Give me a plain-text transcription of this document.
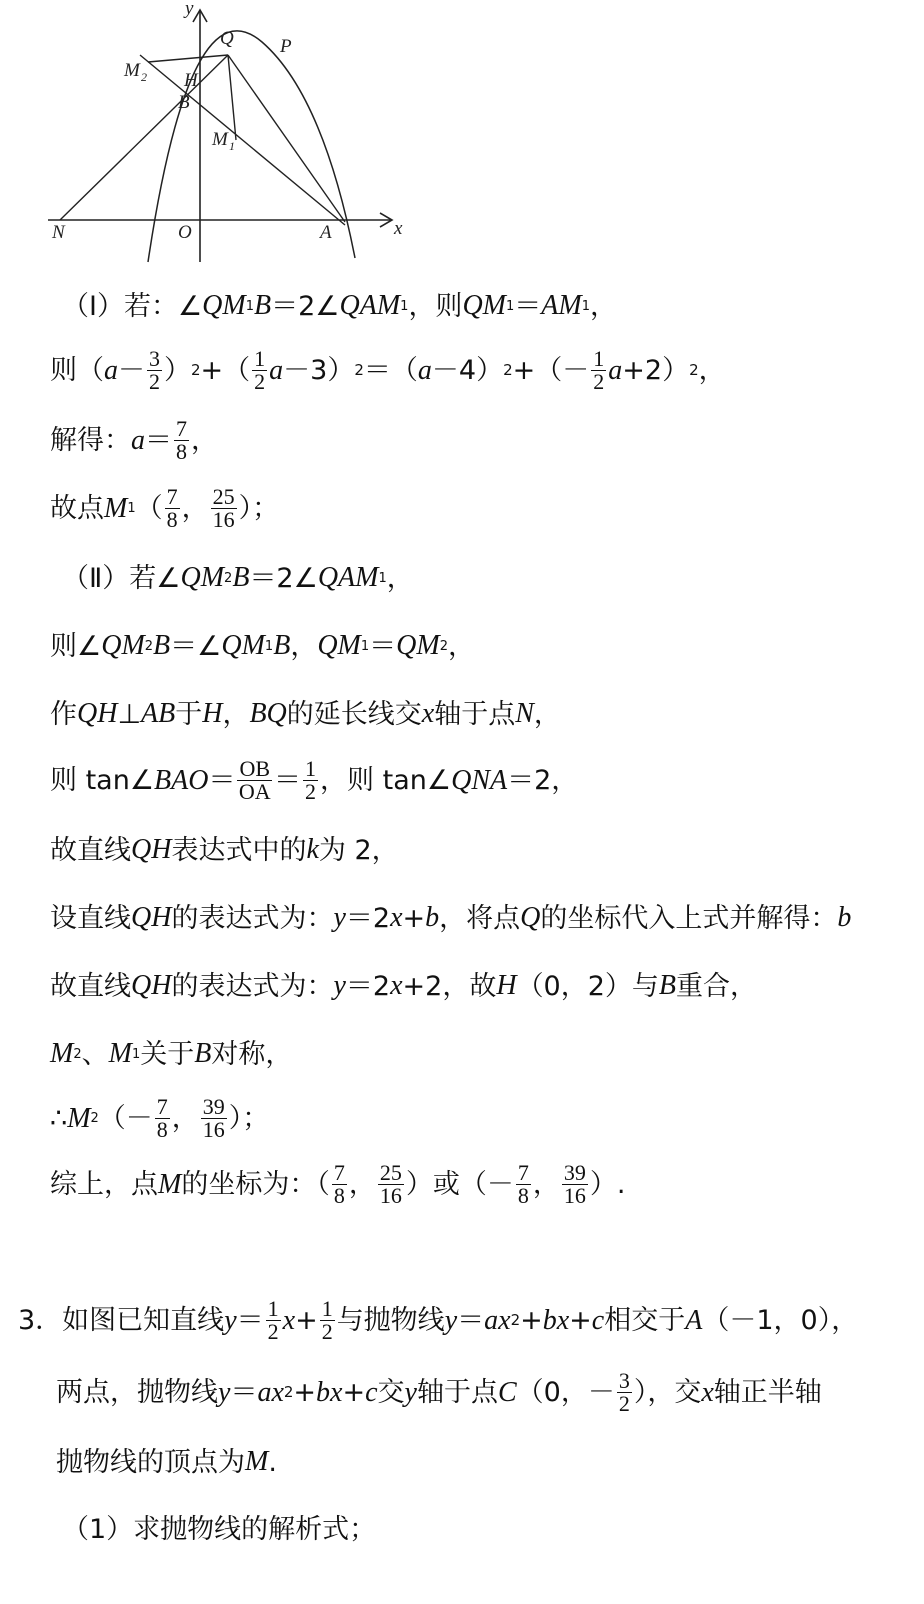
y
x
Q P
M 2 H
B
M 1
N	O	A
（Ⅰ）若：∠ QM 1 B ＝2∠ QAM 1 ，则 QM 1 ＝ AM 1 ，
则（ $a - \frac{3}{2}$ ） 2 +（ $\frac{1}{2}$ a －3） 2 ＝（ a －4） 2 +（－ $\frac{1}{2}$ a +2） 2 ，
解得： $a = \frac{7}{8}$ ，
故点 M 1 （ $\frac{7}{8}$ ， $\frac{25}{16}$ ）；
（Ⅱ）若∠ QM 2 B ＝2∠ QAM 1 ，
则∠ QM 2 B ＝∠ QM 1 B ， QM 1 ＝ QM 2 ，
作 QH ⊥ AB 于 H ， BQ 的延长线交 x 轴于点 N ，
则 tan∠ BAO ＝ $\frac{OB}{OA} = \frac{1}{2}$ ，则 tan∠ QNA ＝2，
故直线 QH 表达式中的 k 为 2，
设直线 QH 的表达式为： y ＝2 x + b ，将点 Q 的坐标代入上式并解得： b
故直线 QH 的表达式为： y ＝2 x +2，故 H （0，2）与 B 重合，
M 2 、 M 1 关于 B 对称，
∴ M 2 （－ $\frac{7}{8}$ ， $\frac{39}{16}$ ）；
综上，点 M 的坐标为：（ $\frac{7}{8}$ ， $\frac{25}{16}$ ）或（－ $\frac{7}{8}$ ， $\frac{39}{16}$ ）.
3．如图已知直线 $y = \frac{1}{2}$ $x + \frac{1}{2}$ 与抛物线 y ＝ ax 2 + bx + c 相交于 A （－1，0），
两点，抛物线 y ＝ ax 2 + bx + c 交 y 轴于点 C （0，－ $\frac{3}{2}$ ），交 x 轴正半轴
抛物线的顶点为 M .
（1）求抛物线的解析式；
